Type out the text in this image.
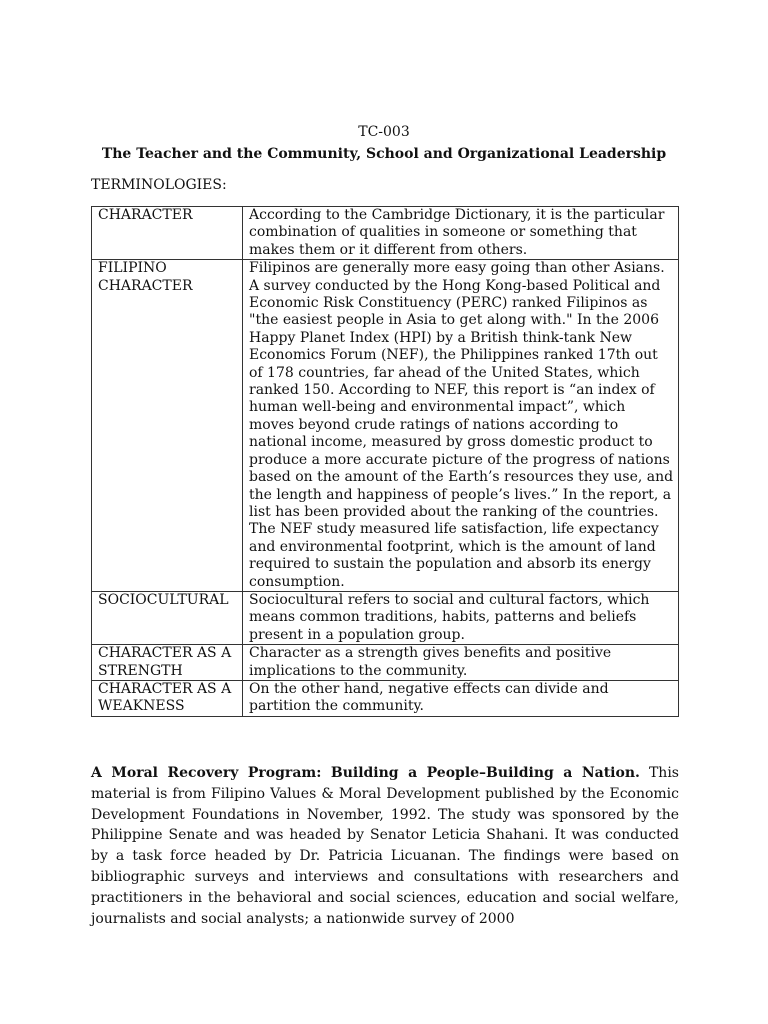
TC-003
The Teacher and the Community, School and Organizational Leadership
TERMINOLOGIES:
CHARACTER	According to the Cambridge Dictionary, it is the particular combination of qualities in someone or something that makes them or it different from others.
FILIPINO CHARACTER	Filipinos are generally more easy going than other Asians. A survey conducted by the Hong Kong-based Political and Economic Risk Constituency (PERC) ranked Filipinos as "the easiest people in Asia to get along with." In the 2006 Happy Planet Index (HPI) by a British think-tank New Economics Forum (NEF), the Philippines ranked 17th out of 178 countries, far ahead of the United States, which ranked 150. According to NEF, this report is “an index of human well-being and environmental impact”, which moves beyond crude ratings of nations according to national income, measured by gross domestic product to produce a more accurate picture of the progress of nations based on the amount of the Earth’s resources they use, and the length and happiness of people’s lives.” In the report, a list has been provided about the ranking of the countries. The NEF study measured life satisfaction, life expectancy and environmental footprint, which is the amount of land required to sustain the population and absorb its energy consumption.
SOCIOCULTURAL	Sociocultural refers to social and cultural factors, which means common traditions, habits, patterns and beliefs present in a population group.
CHARACTER AS A STRENGTH	Character as a strength gives benefits and positive implications to the community.
CHARACTER AS A WEAKNESS	On the other hand, negative effects can divide and partition the community.

A Moral Recovery Program: Building a People–Building a Nation. This material is from Filipino Values & Moral Development published by the Economic Development Foundations in November, 1992. The study was sponsored by the Philippine Senate and was headed by Senator Leticia Shahani. It was conducted by a task force headed by Dr. Patricia Licuanan. The findings were based on bibliographic surveys and interviews and consultations with researchers and practitioners in the behavioral and social sciences, education and social welfare, journalists and social analysts; a nationwide survey of 2000
